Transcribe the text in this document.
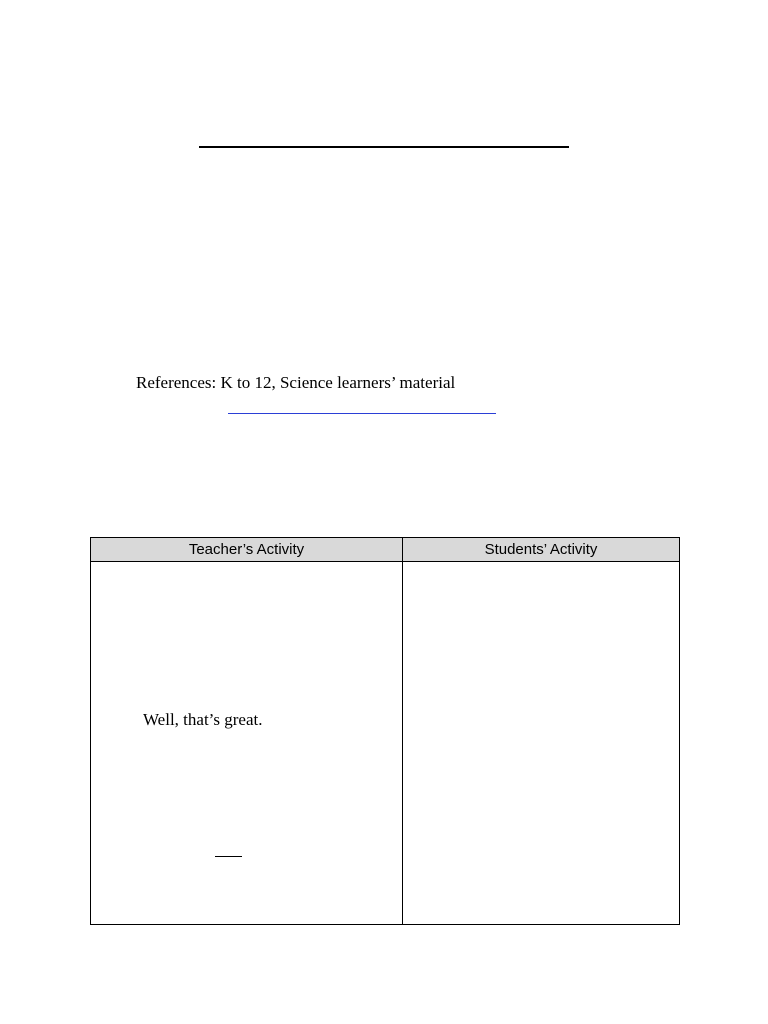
References: K to 12, Science learners’ material
Teacher’s Activity	Students’ Activity

Well, that’s great.	
